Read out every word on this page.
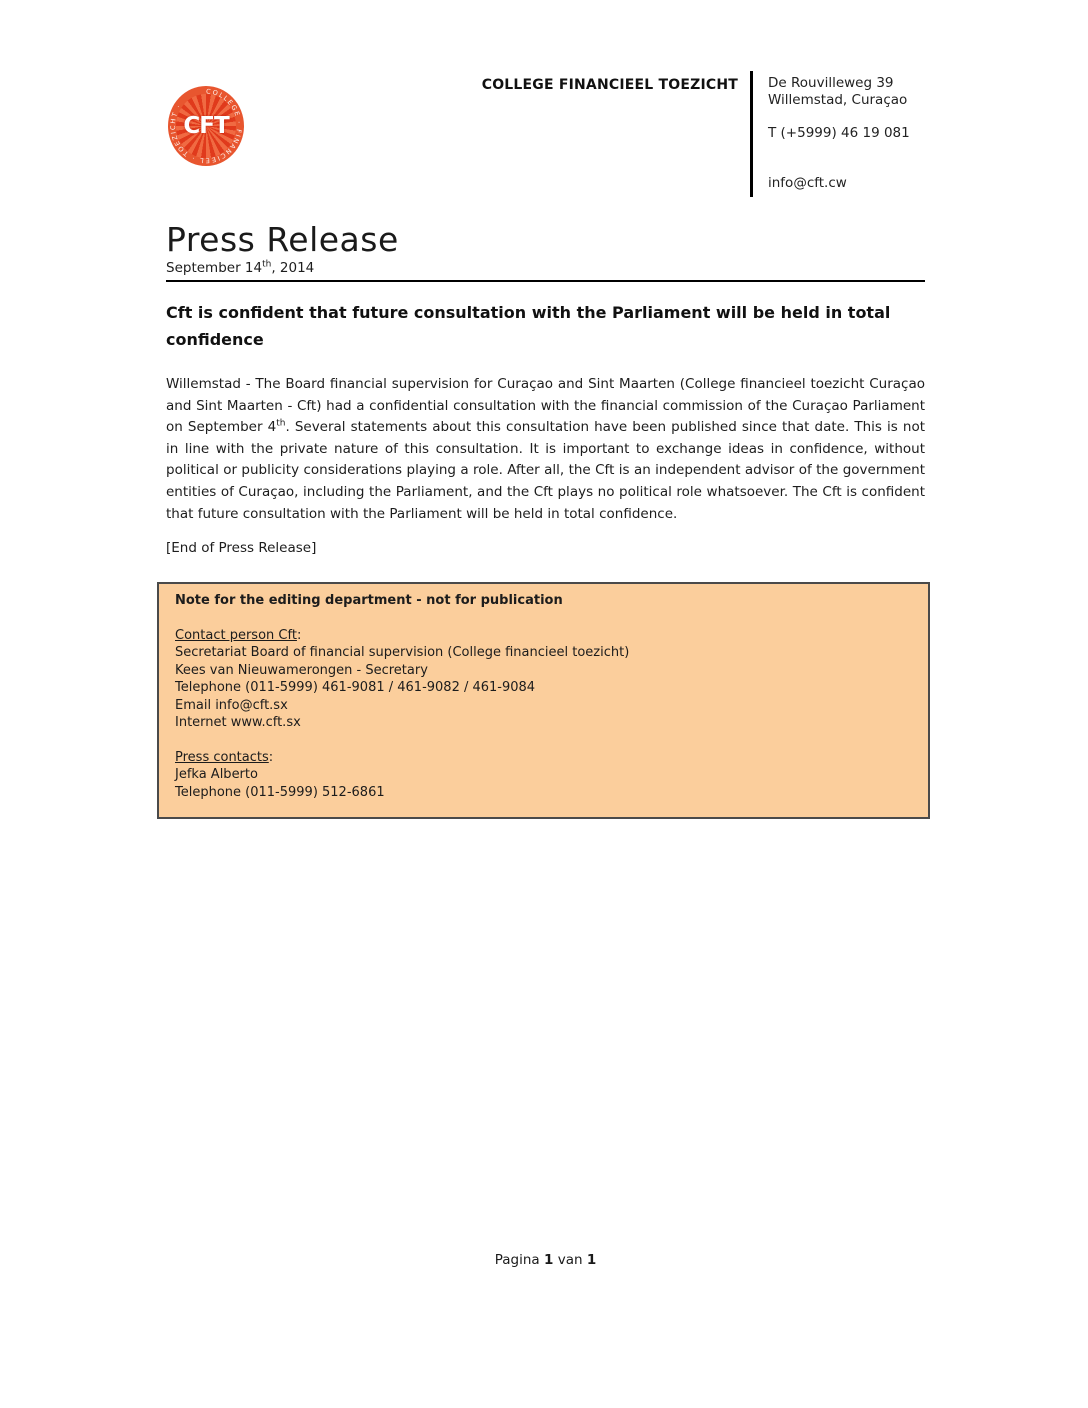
CFT
COLLEGE · FINANCIEEL · TOEZICHT ·
COLLEGE FINANCIEEL TOEZICHT De Rouvilleweg 39
Willemstad, Curaçao
T (+5999) 46 19 081
info@cft.cw
Press Release
September 14th, 2014
Cft is confident that future consultation with the Parliament will be held in total confidence

Willemstad - The Board financial supervision for Curaçao and Sint Maarten (College financieel toezicht Curaçao and Sint Maarten - Cft) had a confidential consultation with the financial commission of the Curaçao Parliament on September 4th. Several statements about this consultation have been published since that date. This is not in line with the private nature of this consultation. It is important to exchange ideas in confidence, without political or publicity considerations playing a role. After all, the Cft is an independent advisor of the government entities of Curaçao, including the Parliament, and the Cft plays no political role whatsoever. The Cft is confident that future consultation with the Parliament will be held in total confidence.

[End of Press Release]
Note for the editing department - not for publication
Contact person Cft:
Secretariat Board of financial supervision (College financieel toezicht)
Kees van Nieuwamerongen - Secretary
Telephone (011-5999) 461-9081 / 461-9082 / 461-9084
Email info@cft.sx
Internet www.cft.sx
Press contacts:
Jefka Alberto
Telephone (011-5999) 512-6861
Pagina 1 van 1
